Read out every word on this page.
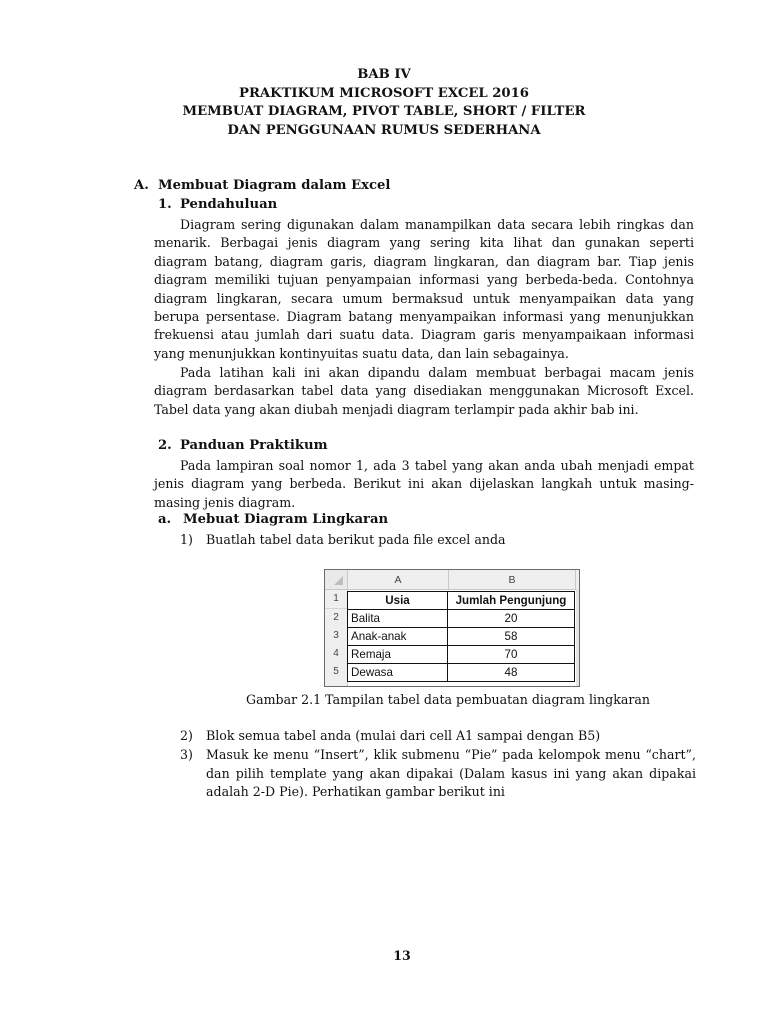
BAB IV
PRAKTIKUM MICROSOFT EXCEL 2016
MEMBUAT DIAGRAM, PIVOT TABLE, SHORT / FILTER
DAN PENGGUNAAN RUMUS SEDERHANA
A. Membuat Diagram dalam Excel
1. Pendahuluan
Diagram sering digunakan dalam manampilkan data secara lebih ringkas dan menarik. Berbagai jenis diagram yang sering kita lihat dan gunakan seperti diagram batang, diagram garis, diagram lingkaran, dan diagram bar. Tiap jenis diagram memiliki tujuan penyampaian informasi yang berbeda-beda. Contohnya diagram lingkaran, secara umum bermaksud untuk menyampaikan data yang berupa persentase. Diagram batang menyampaikan informasi yang menunjukkan frekuensi atau jumlah dari suatu data. Diagram garis menyampaikaan informasi yang menunjukkan kontinyuitas suatu data, dan lain sebagainya.
Pada latihan kali ini akan dipandu dalam membuat berbagai macam jenis diagram berdasarkan tabel data yang disediakan menggunakan Microsoft Excel. Tabel data yang akan diubah menjadi diagram terlampir pada akhir bab ini.
2. Panduan Praktikum
Pada lampiran soal nomor 1, ada 3 tabel yang akan anda ubah menjadi empat jenis diagram yang berbeda. Berikut ini akan dijelaskan langkah untuk masing-masing jenis diagram.
a. Mebuat Diagram Lingkaran
1)	Buatlah tabel data berikut pada file excel anda
A	B
1
2
3
4
5
Usia	Jumlah Pengunjung
Balita	20
Anak-anak	58
Remaja	70
Dewasa	48
Gambar 2.1 Tampilan tabel data pembuatan diagram lingkaran
2)	Blok semua tabel anda (mulai dari cell A1 sampai dengan B5)
3)	Masuk ke menu “Insert”, klik submenu “Pie” pada kelompok menu “chart”, dan pilih template yang akan dipakai (Dalam kasus ini yang akan dipakai adalah 2-D Pie). Perhatikan gambar berikut ini
13
